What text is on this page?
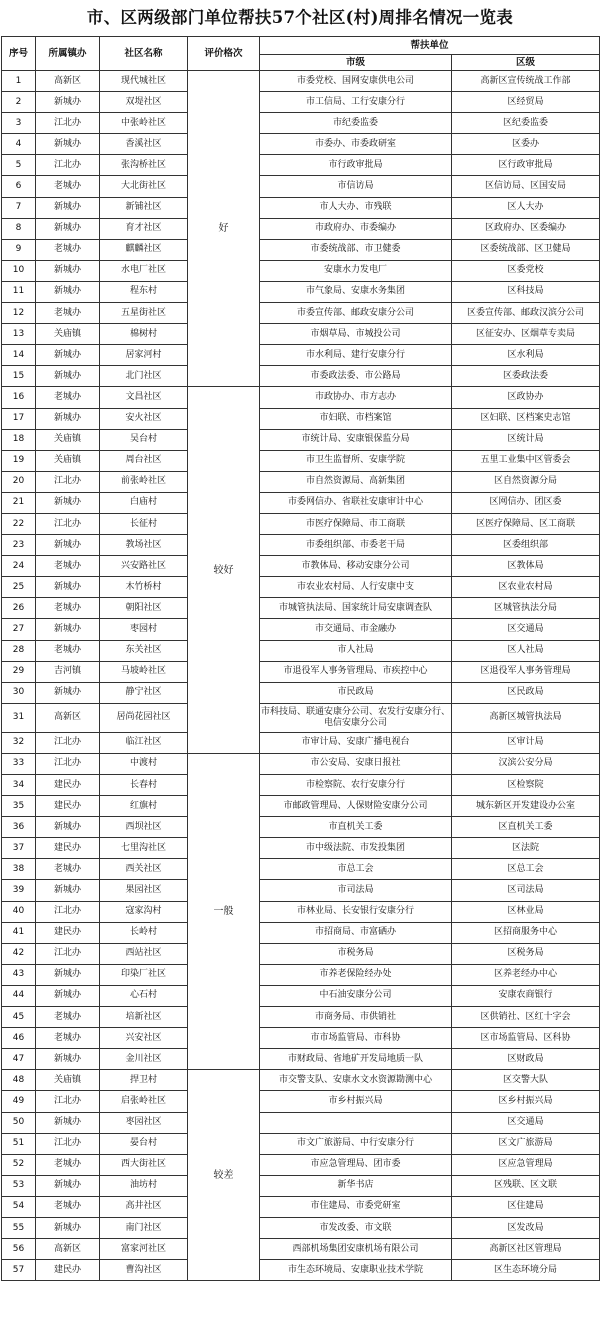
市、区两级部门单位帮扶57个社区(村)周排名情况一览表
序号	所属镇办	社区名称	评价格次	帮扶单位	
				市级	区级
1	高新区	现代城社区	好	市委党校、国网安康供电公司	高新区宣传统战工作部
2	新城办	双堤社区		市工信局、工行安康分行	区经贸局
3	江北办	中张岭社区		市纪委监委	区纪委监委
4	新城办	香溪社区		市委办、市委政研室	区委办
5	江北办	张沟桥社区		市行政审批局	区行政审批局
6	老城办	大北街社区		市信访局	区信访局、区国安局
7	新城办	新铺社区		市人大办、市残联	区人大办
8	新城办	育才社区		市政府办、市委编办	区政府办、区委编办
9	老城办	麒麟社区		市委统战部、市卫健委	区委统战部、区卫健局
10	新城办	水电厂社区		安康水力发电厂	区委党校
11	新城办	程东村		市气象局、安康水务集团	区科技局
12	老城办	五星街社区		市委宣传部、邮政安康分公司	区委宣传部、邮政汉滨分公司
13	关庙镇	棉树村		市烟草局、市城投公司	区征安办、区烟草专卖局
14	新城办	居家河村		市水利局、建行安康分行	区水利局
15	新城办	北门社区		市委政法委、市公路局	区委政法委
16	老城办	文昌社区	较好	市政协办、市方志办	区政协办
17	新城办	安火社区		市妇联、市档案馆	区妇联、区档案史志馆
18	关庙镇	吴台村		市统计局、安康银保监分局	区统计局
19	关庙镇	周台社区		市卫生监督所、安康学院	五里工业集中区管委会
20	江北办	前张岭社区		市自然资源局、高新集团	区自然资源分局
21	新城办	白庙村		市委网信办、省联社安康审计中心	区网信办、团区委
22	江北办	长征村		市医疗保障局、市工商联	区医疗保障局、区工商联
23	新城办	教场社区		市委组织部、市委老干局	区委组织部
24	老城办	兴安路社区		市教体局、移动安康分公司	区教体局
25	新城办	木竹桥村		市农业农村局、人行安康中支	区农业农村局
26	老城办	朝阳社区		市城管执法局、国家统计局安康调查队	区城管执法分局
27	新城办	枣园村		市交通局、市金融办	区交通局
28	老城办	东关社区		市人社局	区人社局
29	吉河镇	马坡岭社区		市退役军人事务管理局、市疾控中心	区退役军人事务管理局
30	新城办	静宁社区		市民政局	区民政局
31	高新区	居尚花园社区		市科技局、联通安康分公司、农发行安康分行、电信安康分公司	高新区城管执法局
32	江北办	临江社区		市审计局、安康广播电视台	区审计局
33	江北办	中渡村	一般	市公安局、安康日报社	汉滨公安分局
34	建民办	长春村		市检察院、农行安康分行	区检察院
35	建民办	红旗村		市邮政管理局、人保财险安康分公司	城东新区开发建设办公室
36	新城办	西坝社区		市直机关工委	区直机关工委
37	建民办	七里沟社区		市中级法院、市发投集团	区法院
38	老城办	西关社区		市总工会	区总工会
39	新城办	果园社区		市司法局	区司法局
40	江北办	寇家沟村		市林业局、长安银行安康分行	区林业局
41	建民办	长岭村		市招商局、市富硒办	区招商服务中心
42	江北办	西站社区		市税务局	区税务局
43	新城办	印染厂社区		市养老保险经办处	区养老经办中心
44	新城办	心石村		中石油安康分公司	安康农商银行
45	老城办	培新社区		市商务局、市供销社	区供销社、区红十字会
46	老城办	兴安社区		市市场监管局、市科协	区市场监管局、区科协
47	新城办	金川社区		市财政局、省地矿开发局地质一队	区财政局
48	关庙镇	捍卫村	较差	市交警支队、安康水文水资源勘测中心	区交警大队
49	江北办	启张岭社区		市乡村振兴局	区乡村振兴局
50	新城办	枣园社区			区交通局
51	江北办	晏台村		市文广旅游局、中行安康分行	区文广旅游局
52	老城办	西大街社区		市应急管理局、团市委	区应急管理局
53	新城办	油坊村		新华书店	区残联、区文联
54	老城办	高井社区		市住建局、市委党研室	区住建局
55	新城办	南门社区		市发改委、市文联	区发改局
56	高新区	富家河社区		西部机场集团安康机场有限公司	高新区社区管理局
57	建民办	曹沟社区		市生态环境局、安康职业技术学院	区生态环境分局
